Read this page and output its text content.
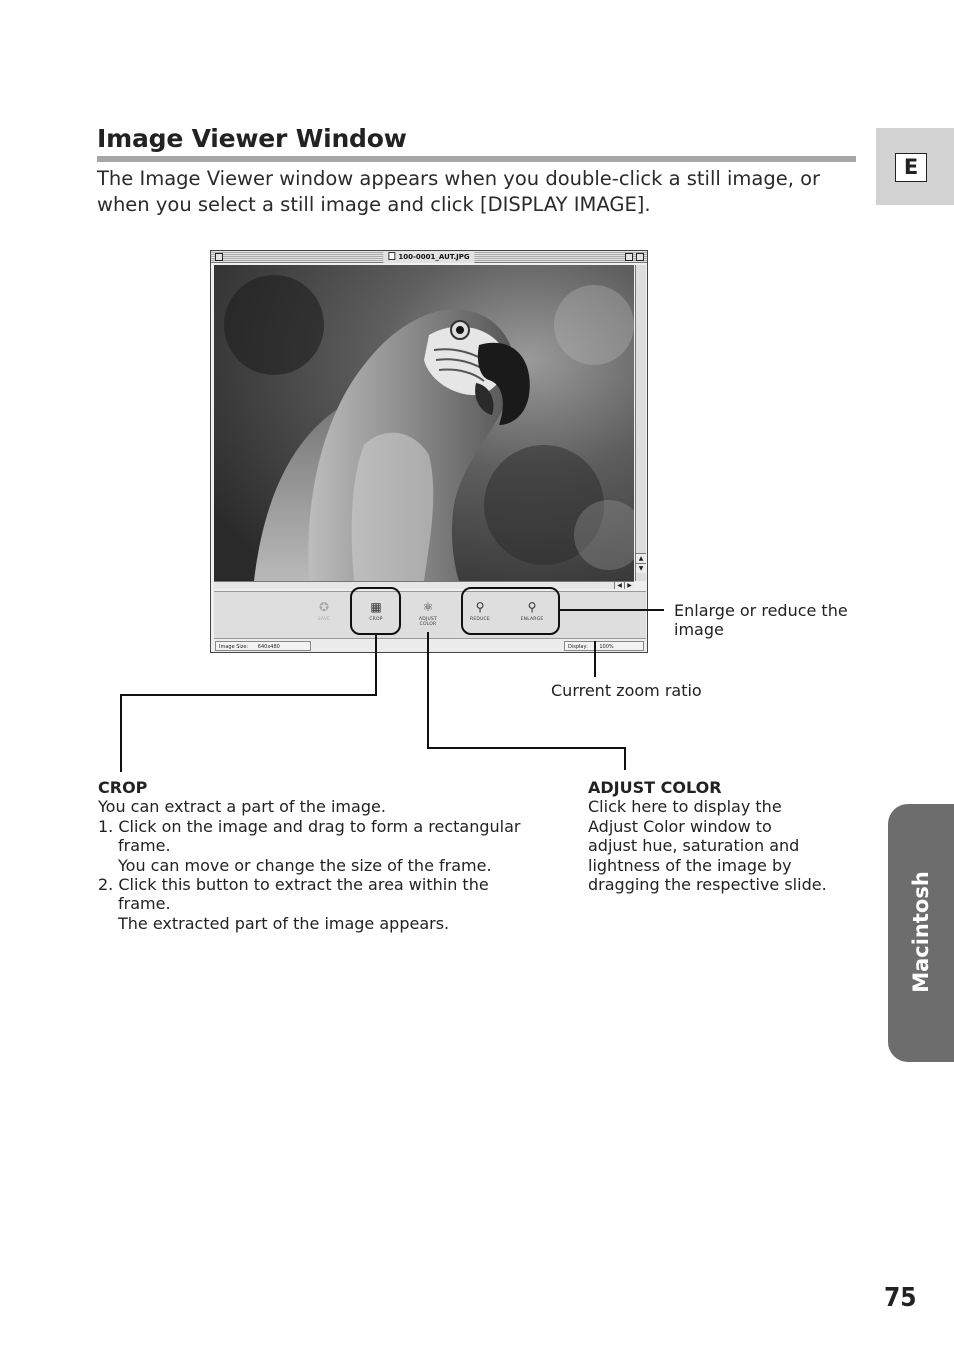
Image Viewer Window
The Image Viewer window appears when you double-click a still image, or when you select a still image and click [DISPLAY IMAGE].
E
Macintosh
100-0001_AUT.JPG
▲
▼
◀ ▶
✪
SAVE
▦
CROP
⚛
ADJUST
COLOR
⚲
REDUCE
⚲
ENLARGE
Image Size: 640x480	Display: 100%
Enlarge or reduce the image
Current zoom ratio
CROP
You can extract a part of the image.
1. Click on the image and drag to form a rectangular
frame.
You can move or change the size of the frame.
2. Click this button to extract the area within the
frame.
The extracted part of the image appears.
ADJUST COLOR
Click here to display the
Adjust Color window to
adjust hue, saturation and
lightness of the image by
dragging the respective slide.
75
